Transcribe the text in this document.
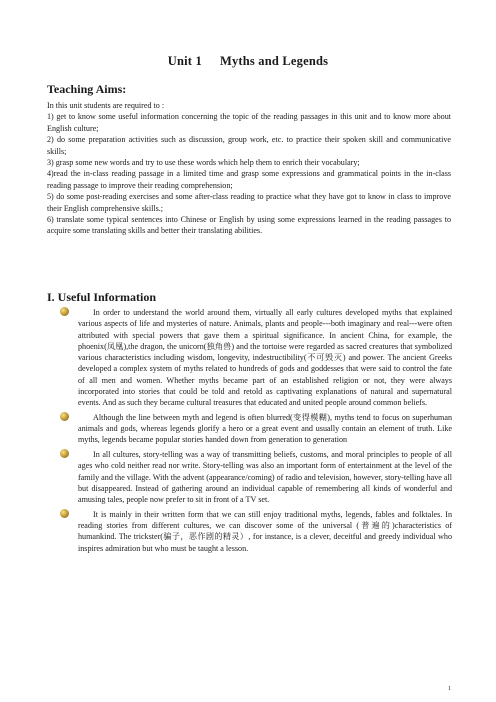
Unit 1 Myths and Legends
Teaching Aims:

In this unit students are required to :

1) get to know some useful information concerning the topic of the reading passages in this unit and to know more about English culture;

2) do some preparation activities such as discussion, group work, etc. to practice their spoken skill and communicative skills;

3) grasp some new words and try to use these words which help them to enrich their vocabulary;

4)read the in-class reading passage in a limited time and grasp some expressions and grammatical points in the in-class reading passage to improve their reading comprehension;

5) do some post-reading exercises and some after-class reading to practice what they have got to know in class to improve their English comprehensive skills.;

6) translate some typical sentences into Chinese or English by using some expressions learned in the reading passages to acquire some translating skills and better their translating abilities.

I. Useful Information
In order to understand the world around them, virtually all early cultures developed myths that explained various aspects of life and mysteries of nature. Animals, plants and people---both imaginary and real---were often attributed with special powers that gave them a spiritual significance. In ancient China, for example, the phoenix(凤凰),the dragon, the unicorn(独角兽) and the tortoise were regarded as sacred creatures that symbolized various characteristics including wisdom, longevity, indestructibility(不可毁灭) and power. The ancient Greeks developed a complex system of myths related to hundreds of gods and goddesses that were said to control the fate of all men and women. Whether myths became part of an established religion or not, they were always incorporated into stories that could be told and retold as captivating explanations of natural and supernatural events. And as such they became cultural treasures that educated and united people around common beliefs.
Although the line between myth and legend is often blurred(变得模糊), myths tend to focus on superhuman animals and gods, whereas legends glorify a hero or a great event and usually contain an element of truth. Like myths, legends became popular stories handed down from generation to generation
In all cultures, story-telling was a way of transmitting beliefs, customs, and moral principles to people of all ages who cold neither read nor write. Story-telling was also an important form of entertainment at the level of the family and the village. With the advent (appearance/coming) of radio and television, however, story-telling have all but disappeared. Instead of gathering around an individual capable of remembering all kinds of wonderful and amusing tales, people now prefer to sit in front of a TV set.
It is mainly in their written form that we can still enjoy traditional myths, legends, fables and folktales. In reading stories from different cultures, we can discover some of the universal (普遍的)characteristics of humankind. The trickster(骗子，恶作剧的精灵）, for instance, is a clever, deceitful and greedy individual who inspires admiration but who must be taught a lesson.
1
